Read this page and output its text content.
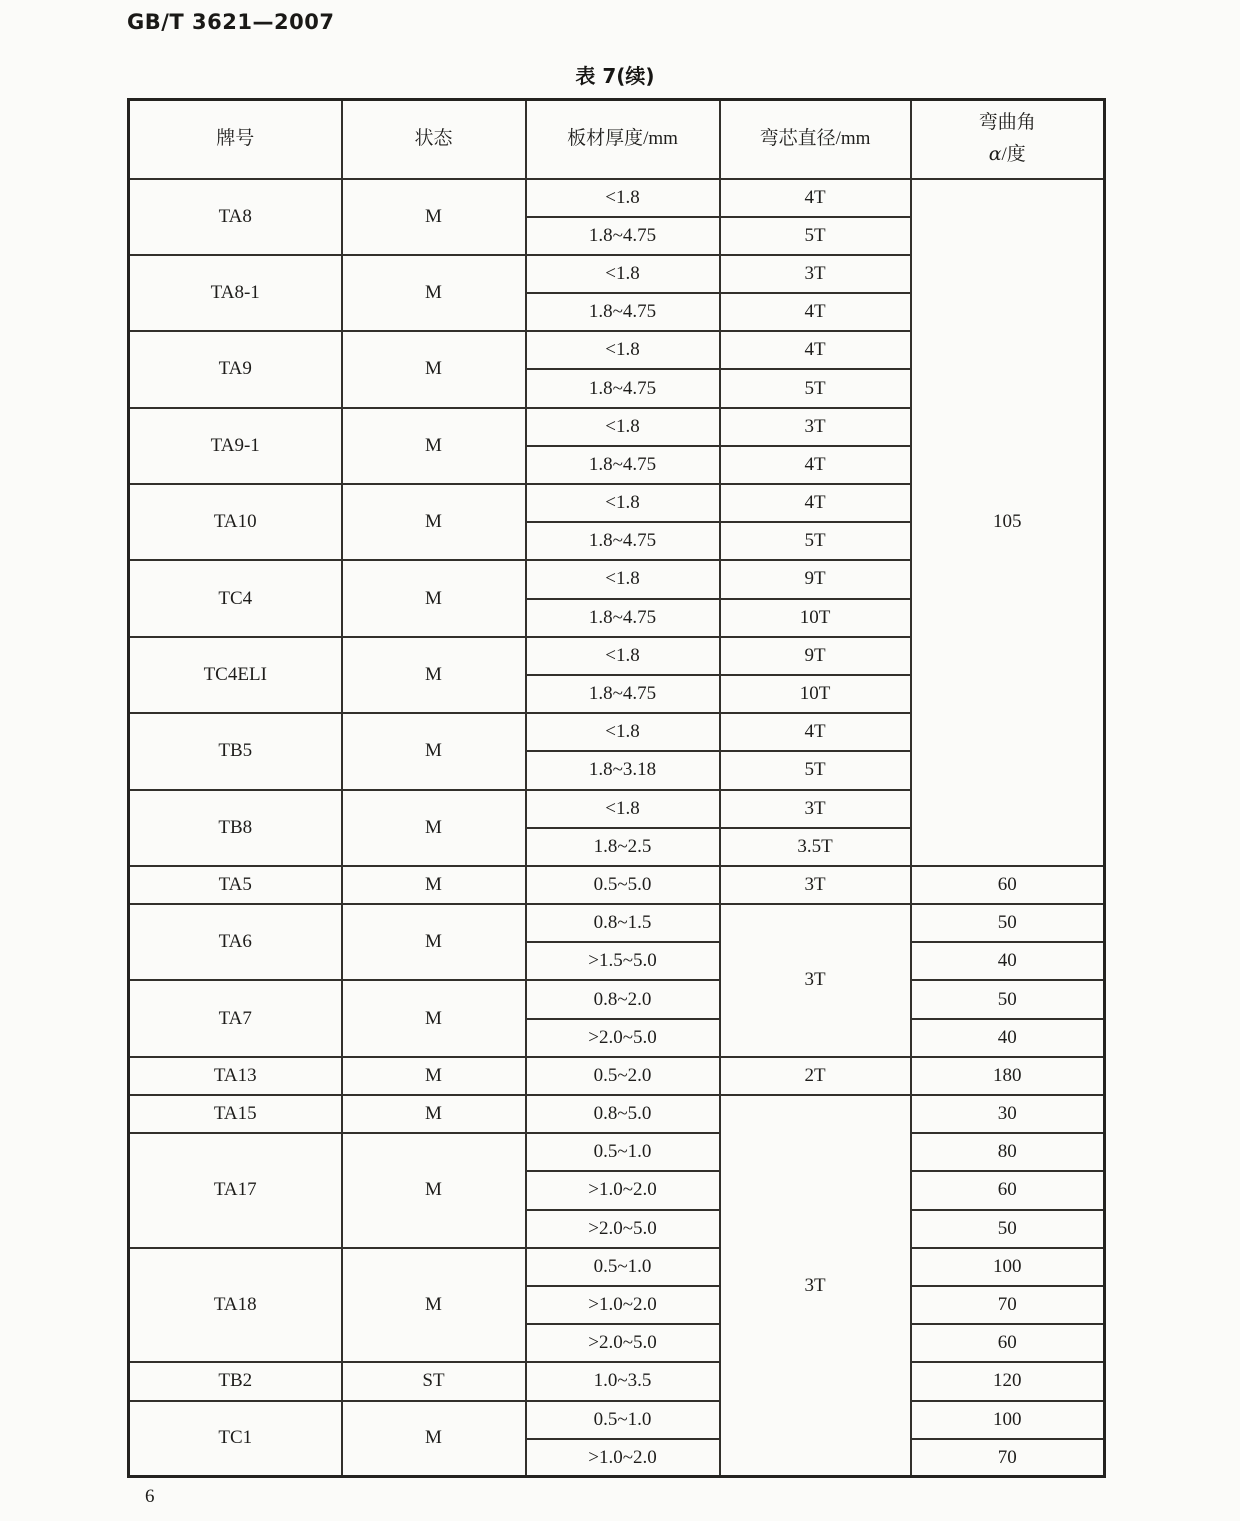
GB/T 3621—2007
表 7(续)
牌号	状态	板材厚度/mm	弯芯直径/mm	弯曲角
α/度

TA8	M	<1.8	4T	105
		1.8~4.75	5T	
TA8-1	M	<1.8	3T	
		1.8~4.75	4T	
TA9	M	<1.8	4T	
		1.8~4.75	5T	
TA9-1	M	<1.8	3T	
		1.8~4.75	4T	
TA10	M	<1.8	4T	
		1.8~4.75	5T	
TC4	M	<1.8	9T	
		1.8~4.75	10T	
TC4ELI	M	<1.8	9T	
		1.8~4.75	10T	
TB5	M	<1.8	4T	
		1.8~3.18	5T	
TB8	M	<1.8	3T	
		1.8~2.5	3.5T	
TA5	M	0.5~5.0	3T	60
TA6	M	0.8~1.5	3T	50
		>1.5~5.0		40
TA7	M	0.8~2.0		50
		>2.0~5.0		40
TA13	M	0.5~2.0	2T	180
TA15	M	0.8~5.0	3T	30
TA17	M	0.5~1.0		80
		>1.0~2.0		60
		>2.0~5.0		50
TA18	M	0.5~1.0		100
		>1.0~2.0		70
		>2.0~5.0		60
TB2	ST	1.0~3.5		120
TC1	M	0.5~1.0		100
		>1.0~2.0		70
6
